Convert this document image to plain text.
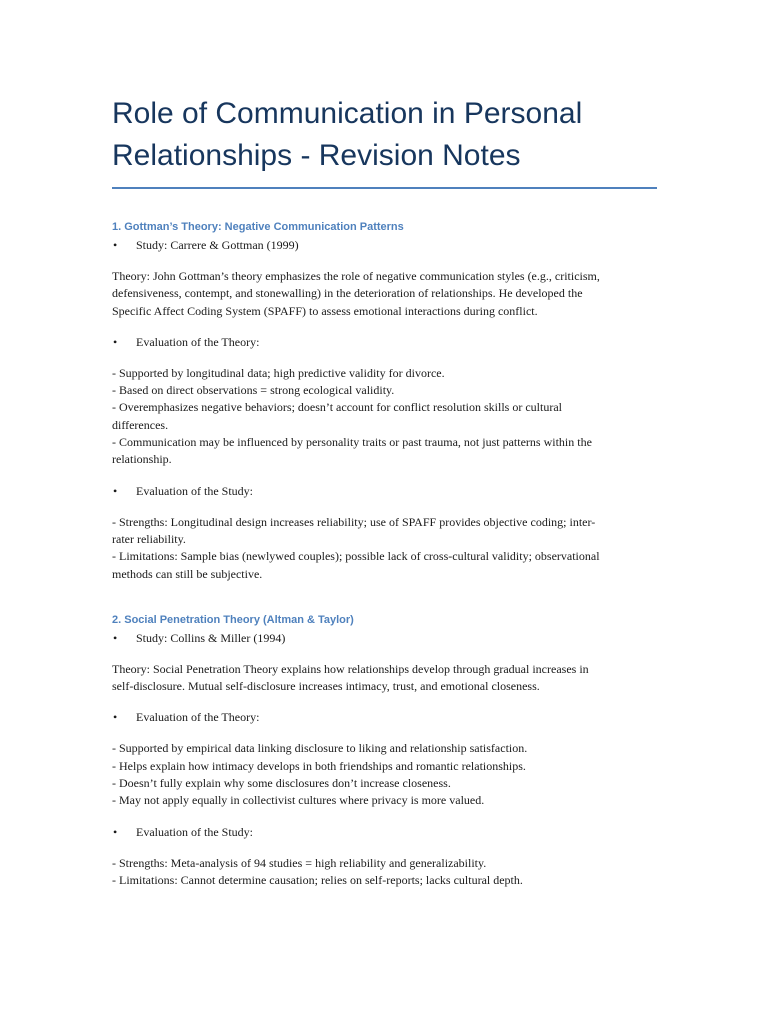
Role of Communication in Personal Relationships - Revision Notes

1. Gottman’s Theory: Negative Communication Patterns

• Study: Carrere & Gottman (1999)

Theory: John Gottman’s theory emphasizes the role of negative communication styles (e.g., criticism,

defensiveness, contempt, and stonewalling) in the deterioration of relationships. He developed the

Specific Affect Coding System (SPAFF) to assess emotional interactions during conflict.

• Evaluation of the Theory:

- Supported by longitudinal data; high predictive validity for divorce.

- Based on direct observations = strong ecological validity.

- Overemphasizes negative behaviors; doesn’t account for conflict resolution skills or cultural

differences.

- Communication may be influenced by personality traits or past trauma, not just patterns within the

relationship.

• Evaluation of the Study:

- Strengths: Longitudinal design increases reliability; use of SPAFF provides objective coding; inter-

rater reliability.

- Limitations: Sample bias (newlywed couples); possible lack of cross-cultural validity; observational

methods can still be subjective.

2. Social Penetration Theory (Altman & Taylor)

• Study: Collins & Miller (1994)

Theory: Social Penetration Theory explains how relationships develop through gradual increases in

self-disclosure. Mutual self-disclosure increases intimacy, trust, and emotional closeness.

• Evaluation of the Theory:

- Supported by empirical data linking disclosure to liking and relationship satisfaction.

- Helps explain how intimacy develops in both friendships and romantic relationships.

- Doesn’t fully explain why some disclosures don’t increase closeness.

- May not apply equally in collectivist cultures where privacy is more valued.

• Evaluation of the Study:

- Strengths: Meta-analysis of 94 studies = high reliability and generalizability.

- Limitations: Cannot determine causation; relies on self-reports; lacks cultural depth.
